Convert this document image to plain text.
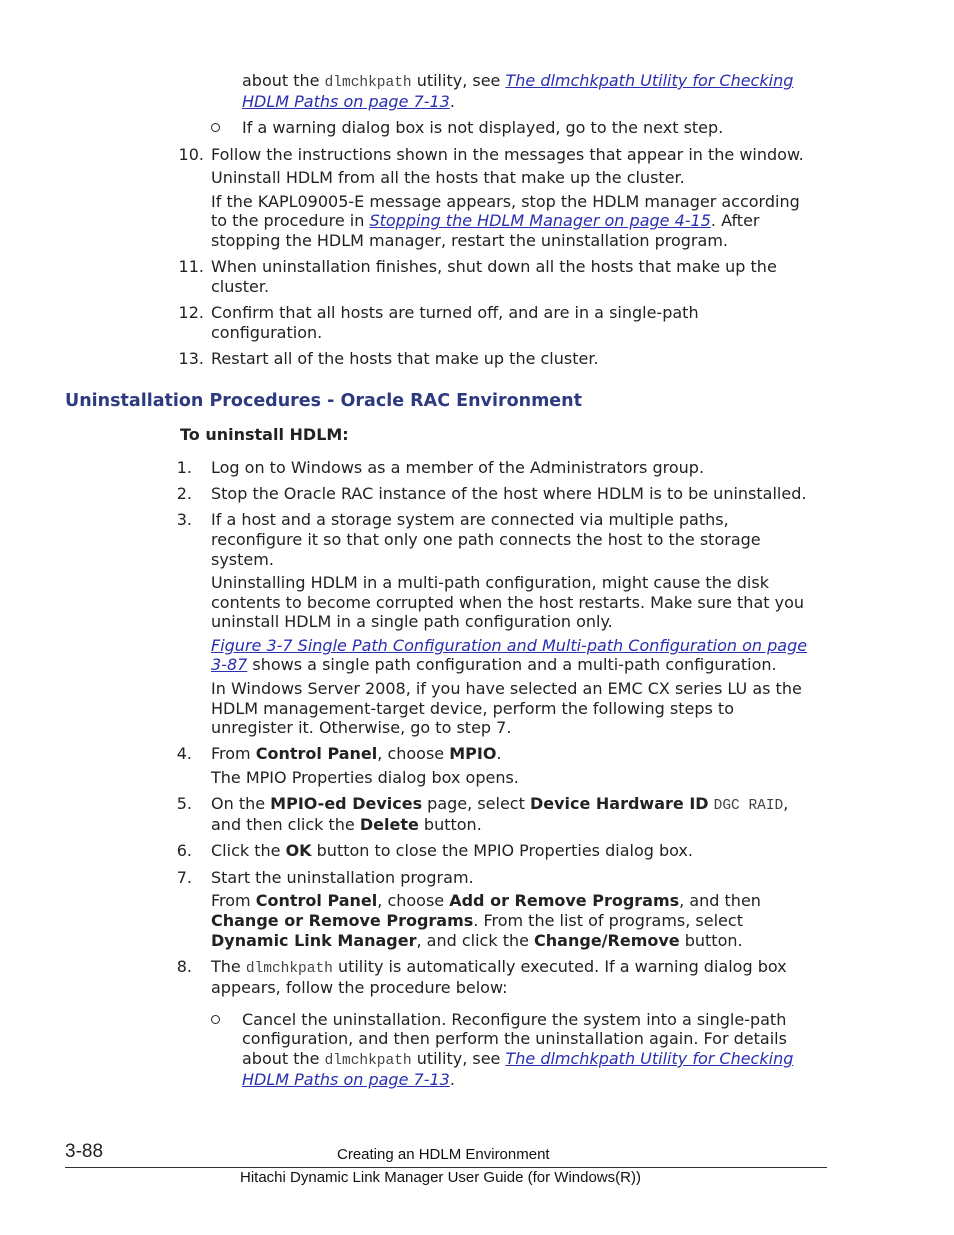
about the dlmchkpath utility, see The dlmchkpath Utility for Checking
HDLM Paths on page 7-13.
If a warning dialog box is not displayed, go to the next step.
10. Follow the instructions shown in the messages that appear in the window.
Uninstall HDLM from all the hosts that make up the cluster.
If the KAPL09005-E message appears, stop the HDLM manager according
to the procedure in Stopping the HDLM Manager on page 4-15. After
stopping the HDLM manager, restart the uninstallation program.
11. When uninstallation finishes, shut down all the hosts that make up the
cluster.
12. Confirm that all hosts are turned off, and are in a single-path
configuration.
13. Restart all of the hosts that make up the cluster.
Uninstallation Procedures - Oracle RAC Environment
To uninstall HDLM:
1. Log on to Windows as a member of the Administrators group.
2. Stop the Oracle RAC instance of the host where HDLM is to be uninstalled.
3. If a host and a storage system are connected via multiple paths,
reconfigure it so that only one path connects the host to the storage
system.
Uninstalling HDLM in a multi-path configuration, might cause the disk
contents to become corrupted when the host restarts. Make sure that you
uninstall HDLM in a single path configuration only.
Figure 3-7 Single Path Configuration and Multi-path Configuration on page
3-87 shows a single path configuration and a multi-path configuration.
In Windows Server 2008, if you have selected an EMC CX series LU as the
HDLM management-target device, perform the following steps to
unregister it. Otherwise, go to step 7.
4. From Control Panel, choose MPIO.
The MPIO Properties dialog box opens.
5. On the MPIO-ed Devices page, select Device Hardware ID DGC RAID,
and then click the Delete button.
6. Click the OK button to close the MPIO Properties dialog box.
7. Start the uninstallation program.
From Control Panel, choose Add or Remove Programs, and then
Change or Remove Programs. From the list of programs, select
Dynamic Link Manager, and click the Change/Remove button.
8. The dlmchkpath utility is automatically executed. If a warning dialog box
appears, follow the procedure below:
Cancel the uninstallation. Reconfigure the system into a single-path
configuration, and then perform the uninstallation again. For details
about the dlmchkpath utility, see The dlmchkpath Utility for Checking
HDLM Paths on page 7-13.
3-88	Creating an HDLM Environment
Hitachi Dynamic Link Manager User Guide (for Windows(R))
